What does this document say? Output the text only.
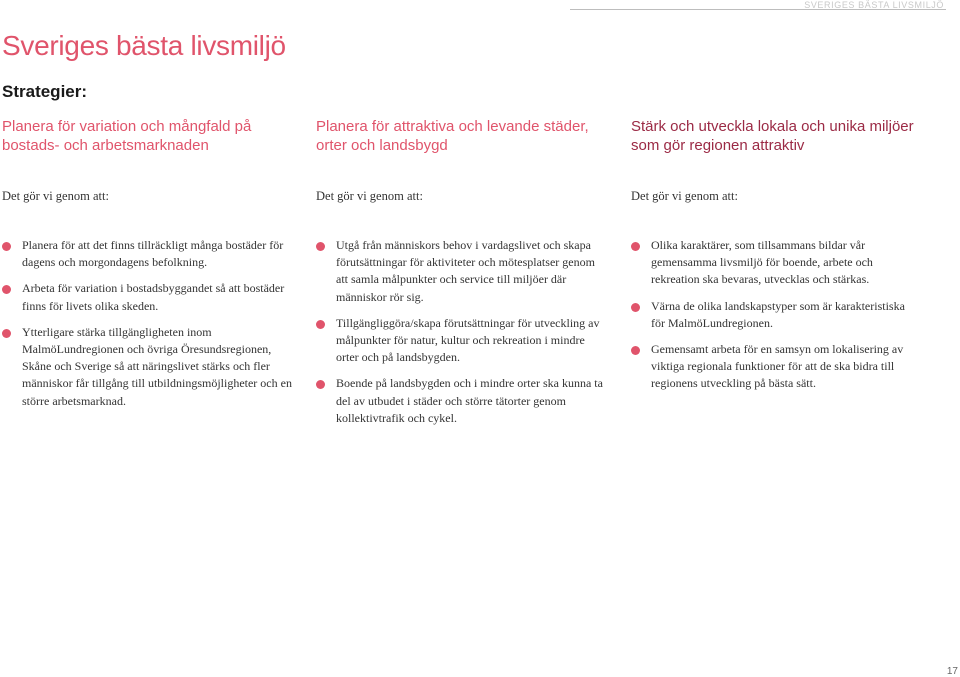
SVERIGES BÄSTA LIVSMILJÖ
Sveriges bästa livsmiljö
Strategier:
Planera för variation och mångfald på bostads- och arbetsmarknaden

Det gör vi genom att:

Planera för att det finns tillräckligt många bostäder för dagens och morgondagens befolkning.
Arbeta för variation i bostadsbyggandet så att bostäder finns för livets olika skeden.
Ytterligare stärka tillgängligheten inom MalmöLundregionen och övriga Öresundsregionen, Skåne och Sverige så att näringslivet stärks och fler människor får tillgång till utbildningsmöjligheter och en större arbetsmarknad.
Planera för attraktiva och levande städer, orter och landsbygd

Det gör vi genom att:

Utgå från människors behov i vardagslivet och skapa förutsättningar för aktiviteter och mötesplatser genom att samla målpunkter och service till miljöer där människor rör sig.
Tillgängliggöra/skapa förutsättningar för utveckling av målpunkter för natur, kultur och rekreation i mindre orter och på landsbygden.
Boende på landsbygden och i mindre orter ska kunna ta del av utbudet i städer och större tätorter genom kollektivtrafik och cykel.
Stärk och utveckla lokala och unika miljöer som gör regionen attraktiv

Det gör vi genom att:

Olika karaktärer, som tillsammans bildar vår gemensamma livsmiljö för boende, arbete och rekreation ska bevaras, utvecklas och stärkas.
Värna de olika landskapstyper som är karakteristiska för MalmöLundregionen.
Gemensamt arbeta för en samsyn om lokalisering av viktiga regionala funktioner för att de ska bidra till regionens utveckling på bästa sätt.

17
